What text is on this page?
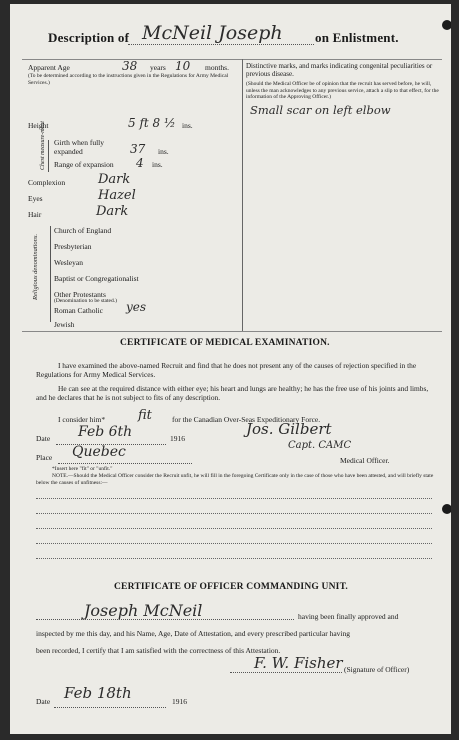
Description of McNeil Joseph on Enlistment.
Apparent Age	38 years 10 months.
(To be determined according to the instructions given in the Regulations for Army Medical Services.)
Height	5 ft 8 ½ ins.
Chest measure-ment Girth when fully expanded	37 ins.
Range of expansion 4 ins.
Complexion	Dark
Eyes	Hazel
Hair	Dark
Religious denominations.
Church of England
Presbyterian
Wesleyan
Baptist or Congregationalist
Other Protestants
(Denomination to be stated.)
Roman Catholic yes
Jewish
Distinctive marks, and marks indicating congenital peculiarities or previous disease.
(Should the Medical Officer be of opinion that the recruit has served before, he will, unless the man acknowledges to any previous service, attach a slip to that effect, for the information of the Approving Officer.)
Small scar on left elbow
CERTIFICATE OF MEDICAL EXAMINATION.
I have examined the above-named Recruit and find that he does not present any of the causes of rejection specified in the Regulations for Army Medical Services.
He can see at the required distance with either eye; his heart and lungs are healthy; he has the free use of his joints and limbs, and he declares that he is not subject to fits of any description.
I consider him*	fit	for the Canadian Over-Seas Expeditionary Force.
Date Feb 6th	1916
Jos. Gilbert
Capt. CAMC
Place Quebec
Medical Officer.
*Insert here "fit" or "unfit."
NOTE.—Should the Medical Officer consider the Recruit unfit, he will fill in the foregoing Certificate only in the case of those who have been attested, and will briefly state below the causes of unfitness:—
CERTIFICATE OF OFFICER COMMANDING UNIT.
Joseph McNeil	having been finally approved and
inspected by me this day, and his Name, Age, Date of Attestation, and every prescribed particular having
been recorded, I certify that I am satisfied with the correctness of this Attestation.
F. W. Fisher (Signature of Officer)
Date Feb 18th	1916
